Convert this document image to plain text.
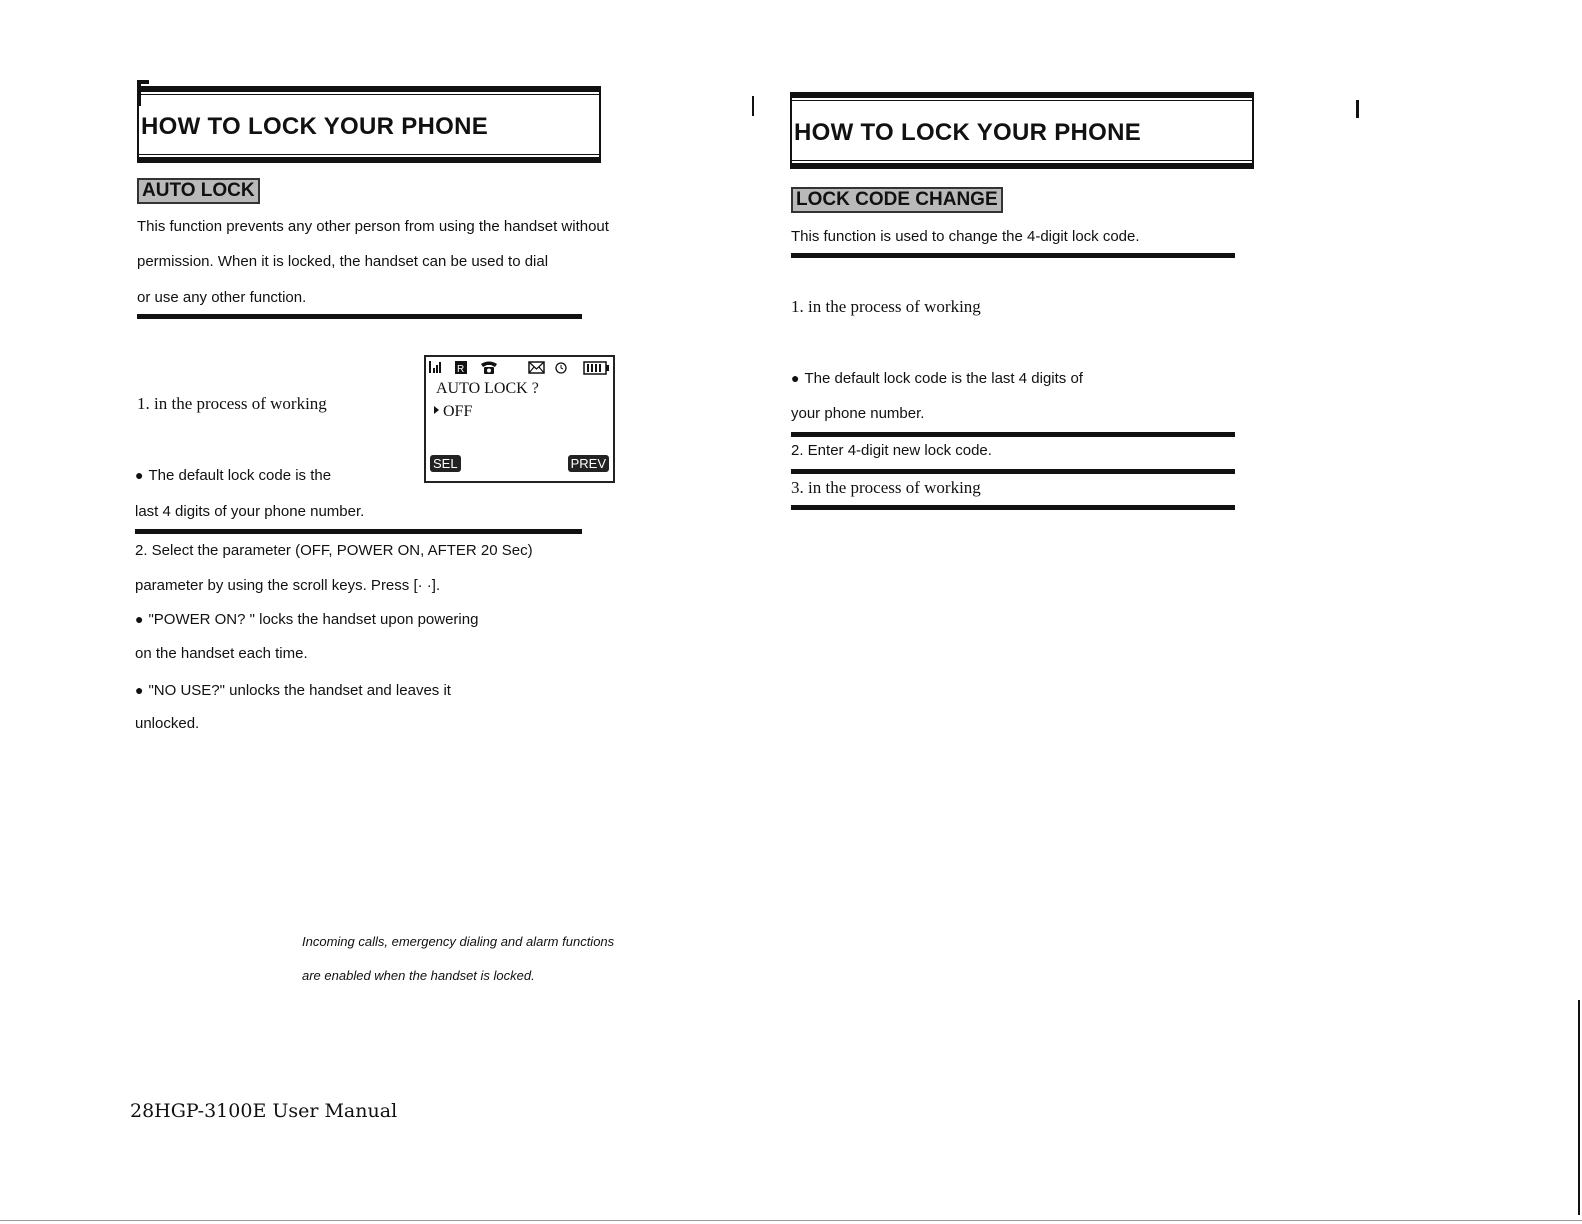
HOW TO LOCK YOUR PHONE
AUTO LOCK
This function prevents any other person from using the handset without
permission. When it is locked, the handset can be used to dial
or use any other function.
1. in the process of working
R
AUTO LOCK ?
OFF
SEL	PREV
● The default lock code is the
last 4 digits of your phone number.
2. Select the parameter (OFF, POWER ON, AFTER 20 Sec)
parameter by using the scroll keys. Press [· ·].
● "POWER ON? " locks the handset upon powering
on the handset each time.
● "NO USE?" unlocks the handset and leaves it
unlocked.
Incoming calls, emergency dialing and alarm functions
are enabled when the handset is locked.
28HGP-3100E User Manual
HOW TO LOCK YOUR PHONE
LOCK CODE CHANGE
This function is used to change the 4-digit lock code.
1. in the process of working
● The default lock code is the last 4 digits of
your phone number.
2. Enter 4-digit new lock code.
3. in the process of working
